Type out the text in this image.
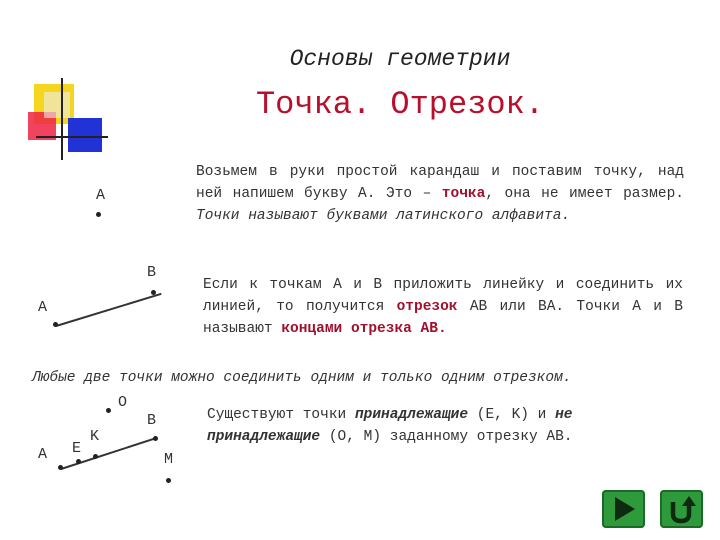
Основы геометрии
Точка. Отрезок.
Возьмем в руки простой карандаш и поставим точку, над ней напишем букву А. Это – точка, она не имеет размер. Точки называют буквами латинского алфавита.
А
В
А
Если к точкам А и В приложить линейку и соединить их линией, то получится отрезок АВ или ВА. Точки А и В называют концами отрезка АВ.
Любые две точки можно соединить одним и только одним отрезком.
O
В
K
E
А	M
Существуют точки принадлежащие (E, K) и не принадлежащие (O, M) заданному отрезку АВ.
